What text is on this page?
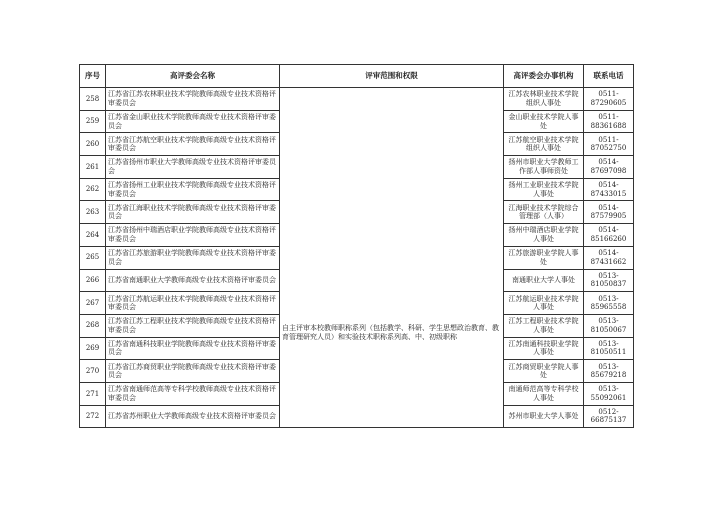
序号	高评委会名称	评审范围和权限	高评委会办事机构	联系电话
258	江苏省江苏农林职业技术学院教师高级专业技术资格评审委员会	自主评审本校教师职称系列（包括教学、科研、学生思想政治教育、教育管理研究人员）和实验技术职称系列高、中、初级职称	江苏农林职业技术学院组织人事处	0511-87290605
259	江苏省金山职业技术学院教师高级专业技术资格评审委员会		金山职业技术学院人事处	0511-88361688
260	江苏省江苏航空职业技术学院教师高级专业技术资格评审委员会		江苏航空职业技术学院组织人事处	0511-87052750
261	江苏省扬州市职业大学教师高级专业技术资格评审委员会		扬州市职业大学教师工作部人事师资处	0514-87697098
262	江苏省扬州工业职业技术学院教师高级专业技术资格评审委员会		扬州工业职业技术学院人事处	0514-87433015
263	江苏省江海职业技术学院教师高级专业技术资格评审委员会		江海职业技术学院综合管理部（人事）	0514-87579905
264	江苏省扬州中瑞酒店职业学院教师高级专业技术资格评审委员会		扬州中瑞酒店职业学院人事处	0514-85166260
265	江苏省江苏旅游职业学院教师高级专业技术资格评审委员会		江苏旅游职业学院人事处	0514-87431662
266	江苏省南通职业大学教师高级专业技术资格评审委员会		南通职业大学人事处	0513-81050837
267	江苏省江苏航运职业技术学院教师高级专业技术资格评审委员会		江苏航运职业技术学院人事处	0513-85965558
268	江苏省江苏工程职业技术学院教师高级专业技术资格评审委员会		江苏工程职业技术学院人事处	0513-81050067
269	江苏省南通科技职业学院教师高级专业技术资格评审委员会		江苏南通科技职业学院人事处	0513-81050511
270	江苏省江苏商贸职业学院教师高级专业技术资格评审委员会		江苏商贸职业学院人事处	0513-85679218
271	江苏省南通师范高等专科学校教师高级专业技术资格评审委员会		南通师范高等专科学校人事处	0513-55092061
272	江苏省苏州职业大学教师高级专业技术资格评审委员会		苏州市职业大学人事处	0512-66875137
